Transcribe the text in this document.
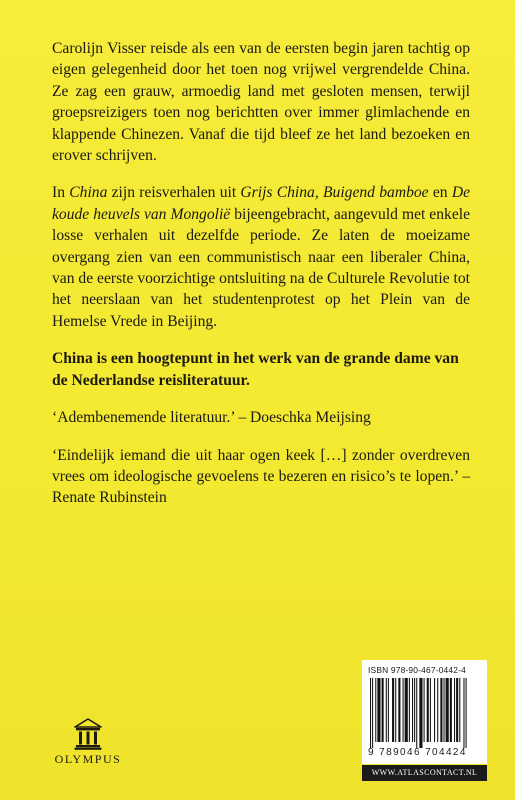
Carolijn Visser reisde als een van de eersten begin jaren tachtig op eigen gelegenheid door het toen nog vrijwel vergrendelde China. Ze zag een grauw, armoedig land met gesloten mensen, terwijl groepsreizigers toen nog berichtten over immer glimlachende en klappende Chinezen. Vanaf die tijd bleef ze het land bezoeken en erover schrijven.

In China zijn reisverhalen uit Grijs China, Buigend bamboe en De koude heuvels van Mongolië bijeengebracht, aangevuld met enkele losse verhalen uit dezelfde periode. Ze laten de moeizame overgang zien van een communistisch naar een liberaler China, van de eerste voorzichtige ontsluiting na de Culturele Revolutie tot het neerslaan van het studentenprotest op het Plein van de Hemelse Vrede in Beijing.

China is een hoogtepunt in het werk van de grande dame van de Nederlandse reisliteratuur.

‘Adembenemende literatuur.’ – Doeschka Meijsing

‘Eindelijk iemand die uit haar ogen keek […] zonder overdreven vrees om ideologische gevoelens te bezeren en risico’s te lopen.’ – Renate Rubinstein

OLYMPUS
ISBN 978-90-467-0442-4
9 789046 704424
WWW.ATLASCONTACT.NL
